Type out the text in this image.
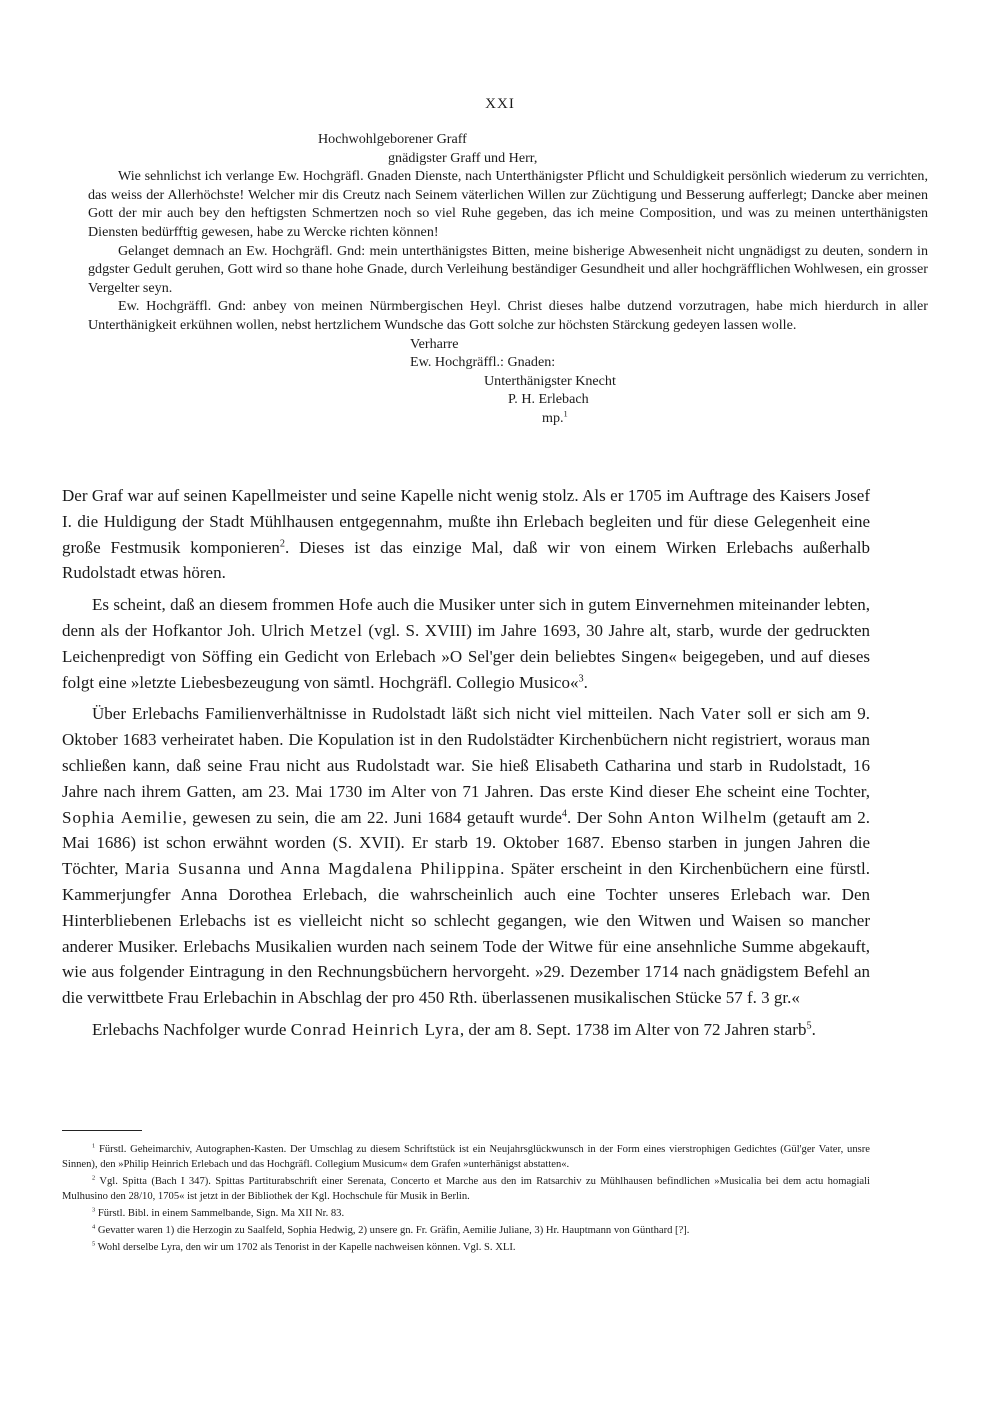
XXI

Hochwohlgeborener Graff

gnädigster Graff und Herr,

Wie sehnlichst ich verlange Ew. Hochgräfl. Gnaden Dienste, nach Unterthänigster Pflicht und Schuldigkeit persönlich wiederum zu verrichten, das weiss der Allerhöchste! Welcher mir dis Creutz nach Seinem väterlichen Willen zur Züchtigung und Besserung aufferlegt; Dancke aber meinen Gott der mir auch bey den heftigsten Schmertzen noch so viel Ruhe gegeben, das ich meine Composition, und was zu meinen unterthänigsten Diensten bedürfftig gewesen, habe zu Wercke richten können!

Gelanget demnach an Ew. Hochgräfl. Gnd: mein unterthänigstes Bitten, meine bisherige Abwesenheit nicht ungnädigst zu deuten, sondern in gdgster Gedult geruhen, Gott wird so thane hohe Gnade, durch Verleihung beständiger Gesundheit und aller hochgräfflichen Wohlwesen, ein grosser Vergelter seyn.

Ew. Hochgräffl. Gnd: anbey von meinen Nürmbergischen Heyl. Christ dieses halbe dutzend vorzutragen, habe mich hierdurch in aller Unterthänigkeit erkühnen wollen, nebst hertzlichem Wundsche das Gott solche zur höchsten Stärckung gedeyen lassen wolle.

Verharre

Ew. Hochgräffl.: Gnaden:

Unterthänigster Knecht

P. H. Erlebach

mp.$^1$

Der Graf war auf seinen Kapellmeister und seine Kapelle nicht wenig stolz. Als er 1705 im Auftrage des Kaisers Josef I. die Huldigung der Stadt Mühlhausen entgegennahm, mußte ihn Erlebach begleiten und für diese Gelegenheit eine große Festmusik komponieren$^2$. Dieses ist das einzige Mal, daß wir von einem Wirken Erlebachs außerhalb Rudolstadt etwas hören.

Es scheint, daß an diesem frommen Hofe auch die Musiker unter sich in gutem Einvernehmen miteinander lebten, denn als der Hofkantor Joh. Ulrich Metzel (vgl. S. XVIII) im Jahre 1693, 30 Jahre alt, starb, wurde der gedruckten Leichenpredigt von Söffing ein Gedicht von Erlebach »O Sel'ger dein beliebtes Singen« beigegeben, und auf dieses folgt eine »letzte Liebesbezeugung von sämtl. Hochgräfl. Collegio Musico«$^3$.

Über Erlebachs Familienverhältnisse in Rudolstadt läßt sich nicht viel mitteilen. Nach Vater soll er sich am 9. Oktober 1683 verheiratet haben. Die Kopulation ist in den Rudolstädter Kirchenbüchern nicht registriert, woraus man schließen kann, daß seine Frau nicht aus Rudolstadt war. Sie hieß Elisabeth Catharina und starb in Rudolstadt, 16 Jahre nach ihrem Gatten, am 23. Mai 1730 im Alter von 71 Jahren. Das erste Kind dieser Ehe scheint eine Tochter, Sophia Aemilie, gewesen zu sein, die am 22. Juni 1684 getauft wurde$^4$. Der Sohn Anton Wilhelm (getauft am 2. Mai 1686) ist schon erwähnt worden (S. XVII). Er starb 19. Oktober 1687. Ebenso starben in jungen Jahren die Töchter, Maria Susanna und Anna Magdalena Philippina. Später erscheint in den Kirchenbüchern eine fürstl. Kammerjungfer Anna Dorothea Erlebach, die wahrscheinlich auch eine Tochter unseres Erlebach war. Den Hinterbliebenen Erlebachs ist es vielleicht nicht so schlecht gegangen, wie den Witwen und Waisen so mancher anderer Musiker. Erlebachs Musikalien wurden nach seinem Tode der Witwe für eine ansehnliche Summe abgekauft, wie aus folgender Eintragung in den Rechnungsbüchern hervorgeht. »29. Dezember 1714 nach gnädigstem Befehl an die verwittbete Frau Erlebachin in Abschlag der pro 450 Rth. überlassenen musikalischen Stücke 57 f. 3 gr.«

Erlebachs Nachfolger wurde Conrad Heinrich Lyra, der am 8. Sept. 1738 im Alter von 72 Jahren starb$^5$.

$^1$ Fürstl. Geheimarchiv, Autographen-Kasten. Der Umschlag zu diesem Schriftstück ist ein Neujahrsglückwunsch in der Form eines vierstrophigen Gedichtes (Gül'ger Vater, unsre Sinnen), den »Philip Heinrich Erlebach und das Hochgräfl. Collegium Musicum« dem Grafen »unterhänigst abstatten«.

$^2$ Vgl. Spitta (Bach I 347). Spittas Partiturabschrift einer Serenata, Concerto et Marche aus den im Ratsarchiv zu Mühlhausen befindlichen »Musicalia bei dem actu homagiali Mulhusino den 28/10, 1705« ist jetzt in der Bibliothek der Kgl. Hochschule für Musik in Berlin.

$^3$ Fürstl. Bibl. in einem Sammelbande, Sign. Ma XII Nr. 83.

$^4$ Gevatter waren 1) die Herzogin zu Saalfeld, Sophia Hedwig, 2) unsere gn. Fr. Gräfin, Aemilie Juliane, 3) Hr. Hauptmann von Günthard [?].

$^5$ Wohl derselbe Lyra, den wir um 1702 als Tenorist in der Kapelle nachweisen können. Vgl. S. XLI.
